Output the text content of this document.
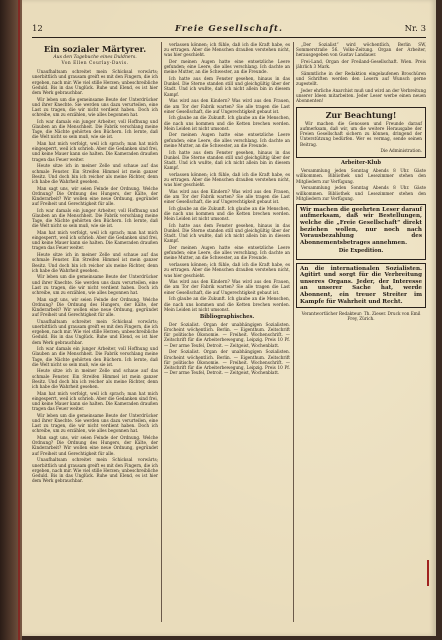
12	Freie Gesellschaft.	Nr. 3
Ein sozialer Märtyrer.
Aus den Tagebuche eines Duldners.
Von Ellen Courlay-Davis.

Unaufhaltsam schreitet mein Schicksal vorwärts; unerbittlich und grausam greift es mit den Fingern, die ich ergeben, nach mir. Wie viel stille Herzen; unbeschreibliche Geduld. Bis in das Unglück. Ruhe und Elend, es ist hier dem Werk gebrauchbar.

Wir leben um die gemeinsame Beute der Unterdrücker und ihrer Knechte. Sie werden uns dazu verurteilen, eine Last zu tragen, die wir nicht verdient haben. Doch ich schreibe, um zu erzählen, wie alles begonnen hat.

Ich war damals ein junger Arbeiter, voll Hoffnung und Glauben an die Menschheit. Die Fabrik verschlang meine Tage, die Nächte gehörten den Büchern. Ich lernte, daß die Welt nicht so sein muß, wie sie ist.

Man hat mich verfolgt, weil ich sprach; man hat mich eingesperrt, weil ich schrieb. Aber die Gedanken sind frei, und keine Mauer kann sie halten. Die Kameraden draußen tragen das Feuer weiter.

Heute sitze ich in meiner Zelle und schaue auf das schmale Fenster. Ein Streifen Himmel ist mein ganzer Besitz. Und doch bin ich reicher als meine Richter, denn ich habe die Wahrheit gesehen.

Man sagt uns, wir seien Feinde der Ordnung. Welche Ordnung? Die Ordnung des Hungers, der Kälte, der Kinderarbeit? Wir wollen eine neue Ordnung, gegründet auf Freiheit und Gerechtigkeit für alle.

Ich war damals ein junger Arbeiter, voll Hoffnung und Glauben an die Menschheit. Die Fabrik verschlang meine Tage, die Nächte gehörten den Büchern. Ich lernte, daß die Welt nicht so sein muß, wie sie ist.

Man hat mich verfolgt, weil ich sprach; man hat mich eingesperrt, weil ich schrieb. Aber die Gedanken sind frei, und keine Mauer kann sie halten. Die Kameraden draußen tragen das Feuer weiter.

Heute sitze ich in meiner Zelle und schaue auf das schmale Fenster. Ein Streifen Himmel ist mein ganzer Besitz. Und doch bin ich reicher als meine Richter, denn ich habe die Wahrheit gesehen.

Wir leben um die gemeinsame Beute der Unterdrücker und ihrer Knechte. Sie werden uns dazu verurteilen, eine Last zu tragen, die wir nicht verdient haben. Doch ich schreibe, um zu erzählen, wie alles begonnen hat.

Man sagt uns, wir seien Feinde der Ordnung. Welche Ordnung? Die Ordnung des Hungers, der Kälte, der Kinderarbeit? Wir wollen eine neue Ordnung, gegründet auf Freiheit und Gerechtigkeit für alle.

Unaufhaltsam schreitet mein Schicksal vorwärts; unerbittlich und grausam greift es mit den Fingern, die ich ergeben, nach mir. Wie viel stille Herzen; unbeschreibliche Geduld. Bis in das Unglück. Ruhe und Elend, es ist hier dem Werk gebrauchbar.

Ich war damals ein junger Arbeiter, voll Hoffnung und Glauben an die Menschheit. Die Fabrik verschlang meine Tage, die Nächte gehörten den Büchern. Ich lernte, daß die Welt nicht so sein muß, wie sie ist.

Heute sitze ich in meiner Zelle und schaue auf das schmale Fenster. Ein Streifen Himmel ist mein ganzer Besitz. Und doch bin ich reicher als meine Richter, denn ich habe die Wahrheit gesehen.

Man hat mich verfolgt, weil ich sprach; man hat mich eingesperrt, weil ich schrieb. Aber die Gedanken sind frei, und keine Mauer kann sie halten. Die Kameraden draußen tragen das Feuer weiter.

Wir leben um die gemeinsame Beute der Unterdrücker und ihrer Knechte. Sie werden uns dazu verurteilen, eine Last zu tragen, die wir nicht verdient haben. Doch ich schreibe, um zu erzählen, wie alles begonnen hat.

Man sagt uns, wir seien Feinde der Ordnung. Welche Ordnung? Die Ordnung des Hungers, der Kälte, der Kinderarbeit? Wir wollen eine neue Ordnung, gegründet auf Freiheit und Gerechtigkeit für alle.

Unaufhaltsam schreitet mein Schicksal vorwärts; unerbittlich und grausam greift es mit den Fingern, die ich ergeben, nach mir. Wie viel stille Herzen; unbeschreibliche Geduld. Bis in das Unglück. Ruhe und Elend, es ist hier dem Werk gebrauchbar.

verlassen können; ich fühle, daß ich die Kraft habe, es zu ertragen. Aber die Menschen draußen verstehen nicht, was hier geschieht.

Der meinen Augen hatte eine entsetzliche Leere gefunden; eine Leere, die alles verschlang. Ich dachte an meine Mutter, an die Schwester, an die Freunde.

Ich hatte aus dem Fenster gesehen, hinaus in das Dunkel. Die Sterne standen still und gleichgültig über der Stadt. Und ich wußte, daß ich nicht allein bin in diesem Kampf.

Was wird aus den Kindern? Was wird aus den Frauen, die am Tor der Fabrik warten? Sie alle tragen die Last einer Gesellschaft, die auf Ungerechtigkeit gebaut ist.

Ich glaube an die Zukunft. Ich glaube an die Menschen, die nach uns kommen und die Ketten brechen werden. Mein Leiden ist nicht umsonst.

Der meinen Augen hatte eine entsetzliche Leere gefunden; eine Leere, die alles verschlang. Ich dachte an meine Mutter, an die Schwester, an die Freunde.

Ich hatte aus dem Fenster gesehen, hinaus in das Dunkel. Die Sterne standen still und gleichgültig über der Stadt. Und ich wußte, daß ich nicht allein bin in diesem Kampf.

verlassen können; ich fühle, daß ich die Kraft habe, es zu ertragen. Aber die Menschen draußen verstehen nicht, was hier geschieht.

Was wird aus den Kindern? Was wird aus den Frauen, die am Tor der Fabrik warten? Sie alle tragen die Last einer Gesellschaft, die auf Ungerechtigkeit gebaut ist.

Ich glaube an die Zukunft. Ich glaube an die Menschen, die nach uns kommen und die Ketten brechen werden. Mein Leiden ist nicht umsonst.

Ich hatte aus dem Fenster gesehen, hinaus in das Dunkel. Die Sterne standen still und gleichgültig über der Stadt. Und ich wußte, daß ich nicht allein bin in diesem Kampf.

Der meinen Augen hatte eine entsetzliche Leere gefunden; eine Leere, die alles verschlang. Ich dachte an meine Mutter, an die Schwester, an die Freunde.

verlassen können; ich fühle, daß ich die Kraft habe, es zu ertragen. Aber die Menschen draußen verstehen nicht, was hier geschieht.

Was wird aus den Kindern? Was wird aus den Frauen, die am Tor der Fabrik warten? Sie alle tragen die Last einer Gesellschaft, die auf Ungerechtigkeit gebaut ist.

Ich glaube an die Zukunft. Ich glaube an die Menschen, die nach uns kommen und die Ketten brechen werden. Mein Leiden ist nicht umsonst.

Bibliographisches.

Der Sozialist. Organ der unabhängigen Sozialisten. Erscheint wöchentlich. Berlin. — Eigenthum. Zeitschrift für politische Ökonomie. — Freiheit. Wochenschrift. — Zeitschrift für die Arbeiterbewegung, Leipzig. Preis 10 Pf. — Der arme Teufel, Detroit. — Zeitgeist, Wochenblatt.

Der Sozialist. Organ der unabhängigen Sozialisten. Erscheint wöchentlich. Berlin. — Eigenthum. Zeitschrift für politische Ökonomie. — Freiheit. Wochenschrift. — Zeitschrift für die Arbeiterbewegung, Leipzig. Preis 10 Pf. — Der arme Teufel, Detroit. — Zeitgeist, Wochenblatt.

„Der Sozialist“ wird wöchentlich, Berlin SW, Sommerstraße 56. Volks-Zeitung. Organ der Arbeiter, herausgegeben von Gustav Landauer.

Frei-Land, Organ der Freiland-Gesellschaft. Wien. Preis jährlich 3 Mark.

Sämmtliche in der Redaktion eingelaufenen Broschüren und Schriften werden den Lesern auf Wunsch gerne zugestellt.

Jeder ehrliche Anarchist muß und wird an der Verbreitung unserer Ideen mitarbeiten. Jeder Leser werbe einen neuen Abonnenten!

Zur Beachtung!

Wir machen die Genossen und Freunde darauf aufmerksam, daß wir, um die weitere Herausgabe der Freien Gesellschaft sichern zu können, dringend der Unterstützung bedürfen. Wer es vermag, sende seinen Beitrag.

Die Administration.

Arbeiter-Klub

Versammlung jeden Sonntag Abends 8 Uhr. Gäste willkommen. Bibliothek und Lesezimmer stehen den Mitgliedern zur Verfügung.

Versammlung jeden Sonntag Abends 8 Uhr. Gäste willkommen. Bibliothek und Lesezimmer stehen den Mitgliedern zur Verfügung.

Wir machen die geehrten Leser darauf aufmerksam, daß wir Bestellungen, welche die „Freie Gesellschaft“ direkt beziehen wollen, nur noch nach Vorausbezahlung des Abonnementsbetrages annehmen.
Die Expedition.
An die internationalen Sozialisten. Agitirt und sorgt für die Verbreitung unseres Organs. Jeder, der Interesse an unserer Sache hat, werde Abonnent, ein treuer Streiter im Kampfe für Wahrheit und Recht.

Verantwortlicher Redakteur: Th. Zieser. Druck von Emil Frey, Zürich.
